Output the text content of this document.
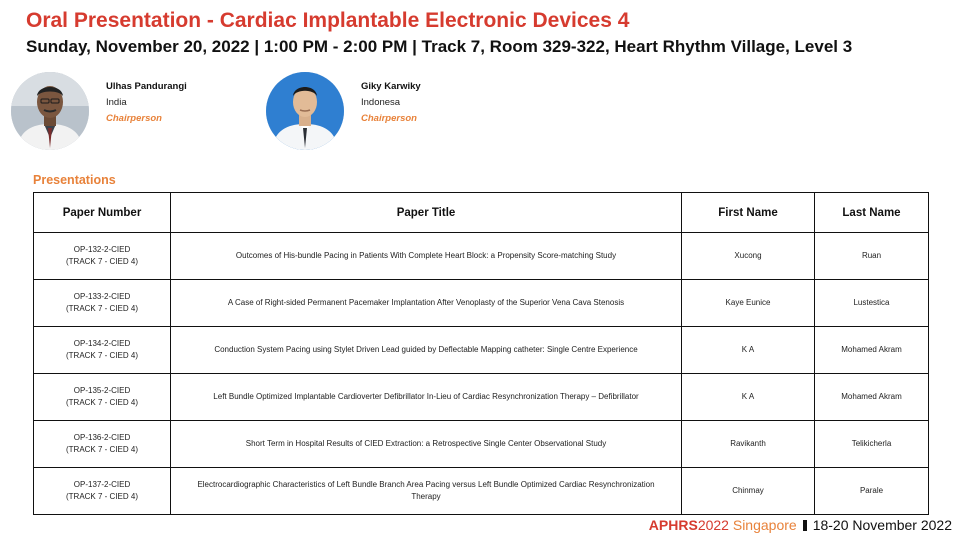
Oral Presentation - Cardiac Implantable Electronic Devices 4
Sunday, November 20, 2022 | 1:00 PM - 2:00 PM | Track 7, Room 329-322, Heart Rhythm Village, Level 3
Ulhas Pandurangi
India
Chairperson
Giky Karwiky
Indonesa
Chairperson
Presentations
Paper Number	Paper Title	First Name	Last Name

OP-132-2-CIED
(TRACK 7 - CIED 4)	Outcomes of His-bundle Pacing in Patients With Complete Heart Block: a Propensity Score-matching Study	Xucong	Ruan

OP-133-2-CIED
(TRACK 7 - CIED 4)	A Case of Right-sided Permanent Pacemaker Implantation After Venoplasty of the Superior Vena Cava Stenosis	Kaye Eunice	Lustestica

OP-134-2-CIED
(TRACK 7 - CIED 4)	Conduction System Pacing using Stylet Driven Lead guided by Deflectable Mapping catheter: Single Centre Experience	K A	Mohamed Akram

OP-135-2-CIED
(TRACK 7 - CIED 4)	Left Bundle Optimized Implantable Cardioverter Defibrillator In-Lieu of Cardiac Resynchronization Therapy – Defibrillator	K A	Mohamed Akram

OP-136-2-CIED
(TRACK 7 - CIED 4)	Short Term in Hospital Results of CIED Extraction: a Retrospective Single Center Observational Study	Ravikanth	Telikicherla

OP-137-2-CIED
(TRACK 7 - CIED 4)	Electrocardiographic Characteristics of Left Bundle Branch Area Pacing versus Left Bundle Optimized Cardiac Resynchronization Therapy	Chinmay	Parale
APHRS2022 Singapore 18-20 November 2022
